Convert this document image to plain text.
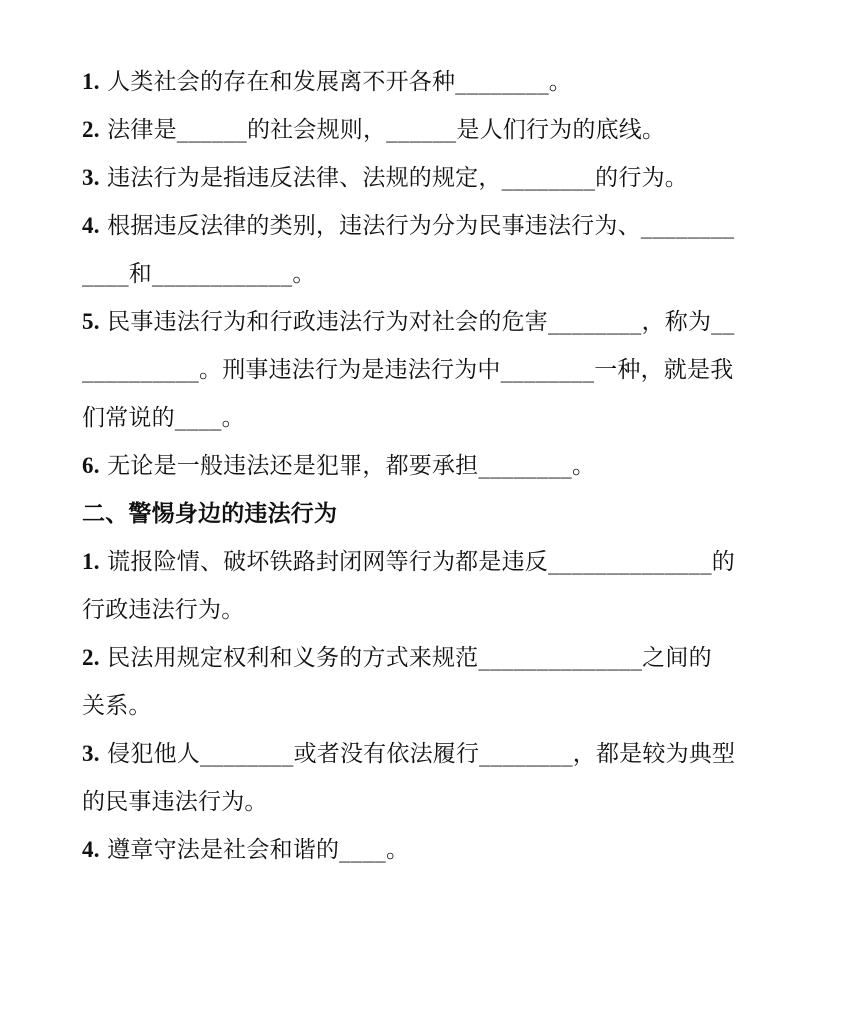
1. 人类社会的存在和发展离不开各种________。
2. 法律是______的社会规则，______是人们行为的底线。
3. 违法行为是指违反法律、法规的规定，________的行为。
4. 根据违反法律的类别，违法行为分为民事违法行为、________
____和____________。
5. 民事违法行为和行政违法行为对社会的危害________，称为__
__________。刑事违法行为是违法行为中________一种，就是我
们常说的____。
6. 无论是一般违法还是犯罪，都要承担________。
二、警惕身边的违法行为
1. 谎报险情、破坏铁路封闭网等行为都是违反______________的
行政违法行为。
2. 民法用规定权利和义务的方式来规范______________之间的
关系。
3. 侵犯他人________或者没有依法履行________，都是较为典型
的民事违法行为。
4. 遵章守法是社会和谐的____。
